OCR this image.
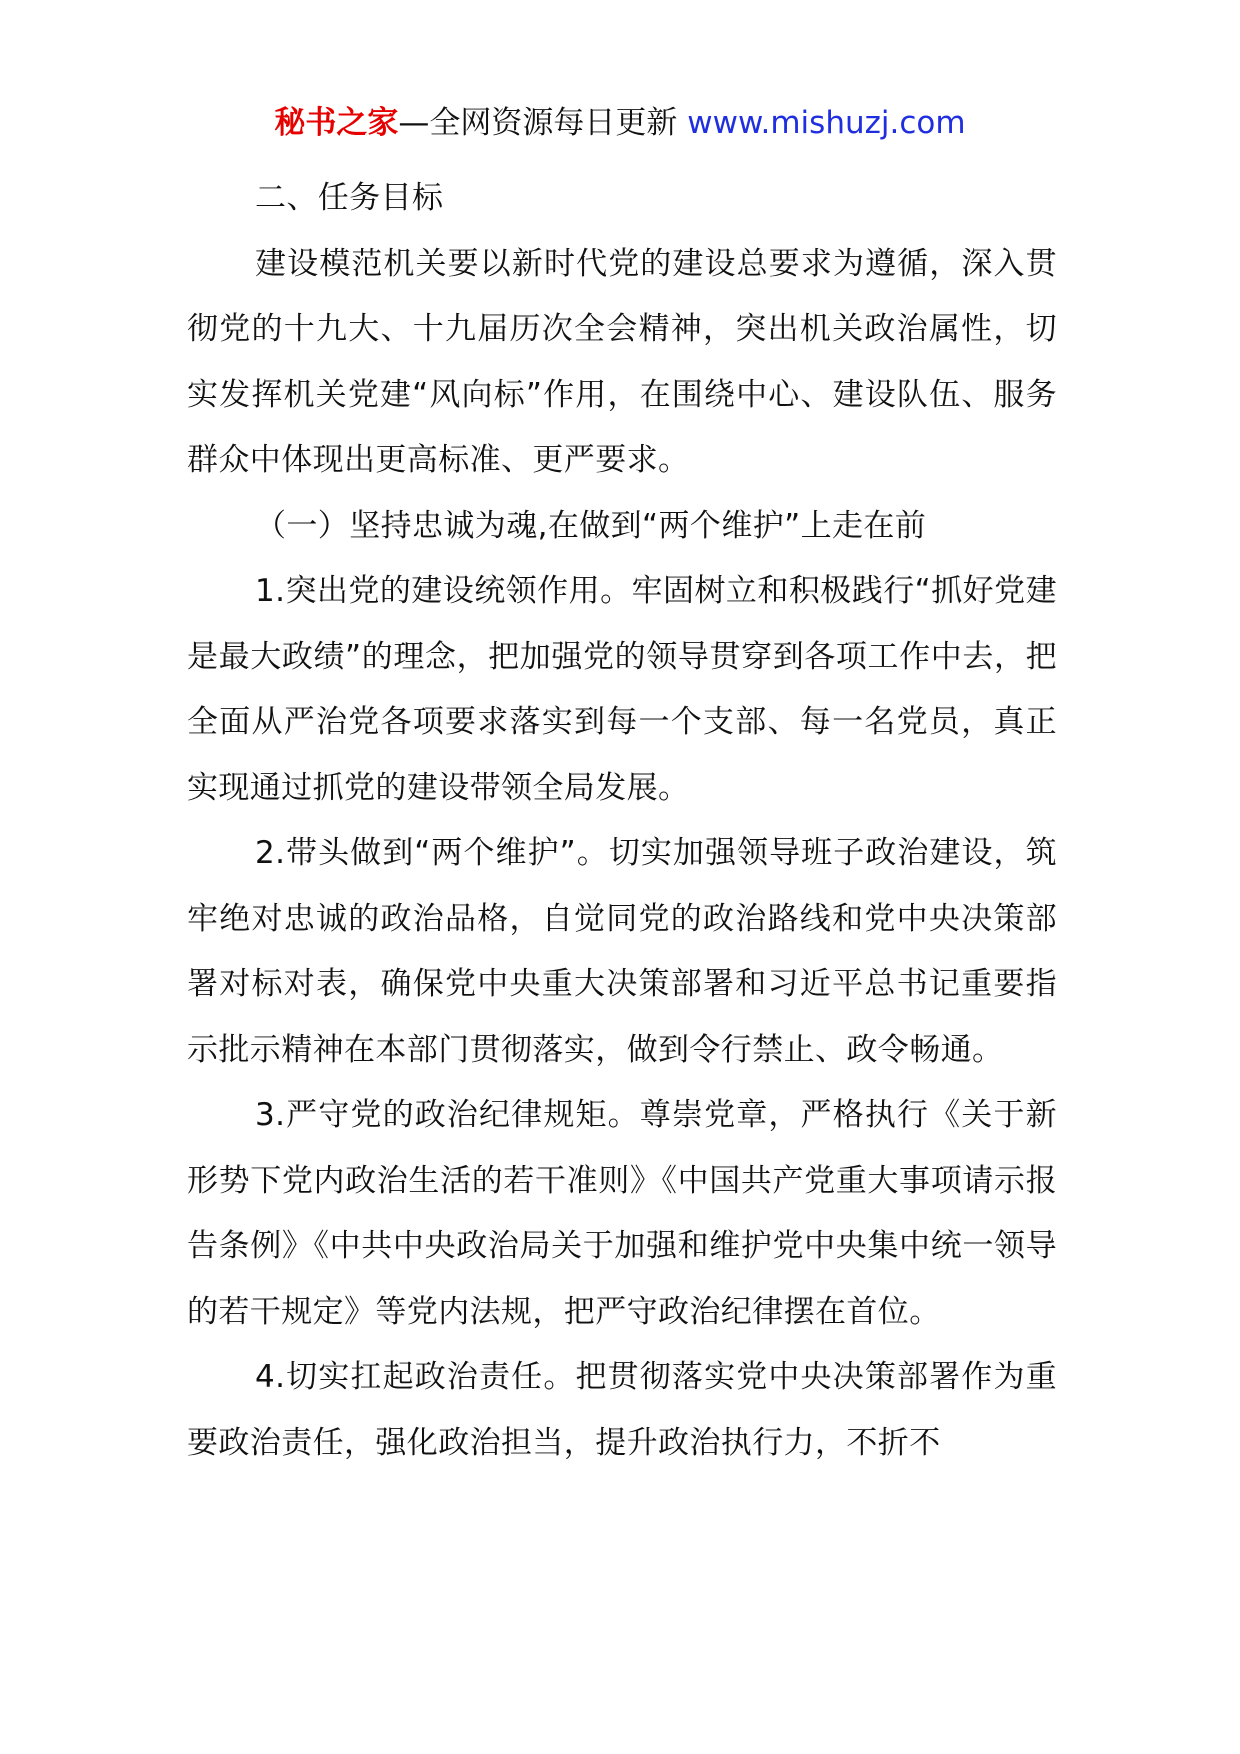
秘书之家—全网资源每日更新 www.mishuzj.com

二、任务目标

建设模范机关要以新时代党的建设总要求为遵循，深入贯彻党的十九大、十九届历次全会精神，突出机关政治属性，切实发挥机关党建“风向标”作用，在围绕中心、建设队伍、服务群众中体现出更高标准、更严要求。

（一）坚持忠诚为魂,在做到“两个维护”上走在前

1.突出党的建设统领作用。牢固树立和积极践行“抓好党建是最大政绩”的理念，把加强党的领导贯穿到各项工作中去，把全面从严治党各项要求落实到每一个支部、每一名党员，真正实现通过抓党的建设带领全局发展。

2.带头做到“两个维护”。切实加强领导班子政治建设，筑牢绝对忠诚的政治品格，自觉同党的政治路线和党中央决策部署对标对表，确保党中央重大决策部署和习近平总书记重要指示批示精神在本部门贯彻落实，做到令行禁止、政令畅通。

3.严守党的政治纪律规矩。尊崇党章，严格执行《关于新形势下党内政治生活的若干准则》《中国共产党重大事项请示报告条例》《中共中央政治局关于加强和维护党中央集中统一领导的若干规定》等党内法规，把严守政治纪律摆在首位。

4.切实扛起政治责任。把贯彻落实党中央决策部署作为重要政治责任，强化政治担当，提升政治执行力，不折不
